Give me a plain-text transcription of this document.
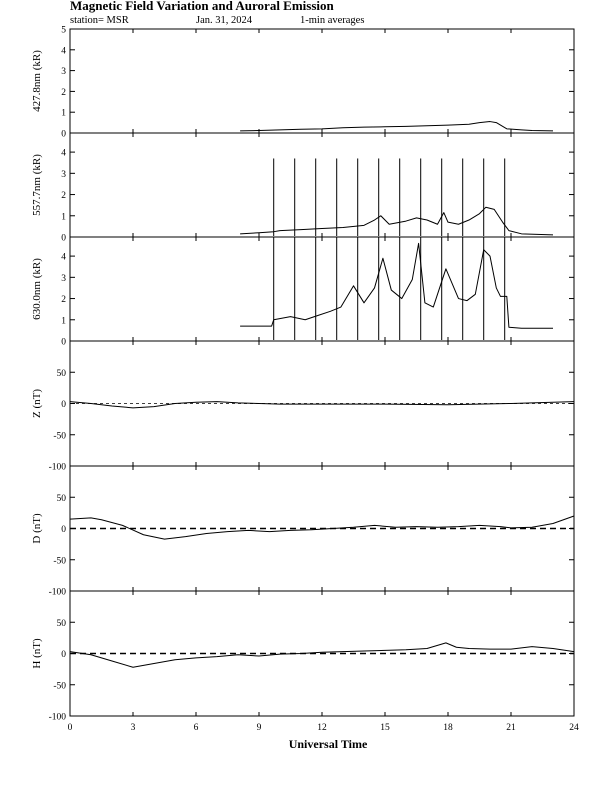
Magnetic Field Variation and Auroral Emission
station= MSR	Jan. 31, 2024	1-min averages
0
1
2
3
4
5
427.8nm (kR)
0
1
2
3
4
557.7nm (kR)
0
1
2
3
4
630.0nm (kR)
-100
-50
0
50
Z (nT)
-100
-50
0
50
D (nT)
-100
-50
0
50
H (nT)
0	3	6	9	12	15	18	21	24
Universal Time
